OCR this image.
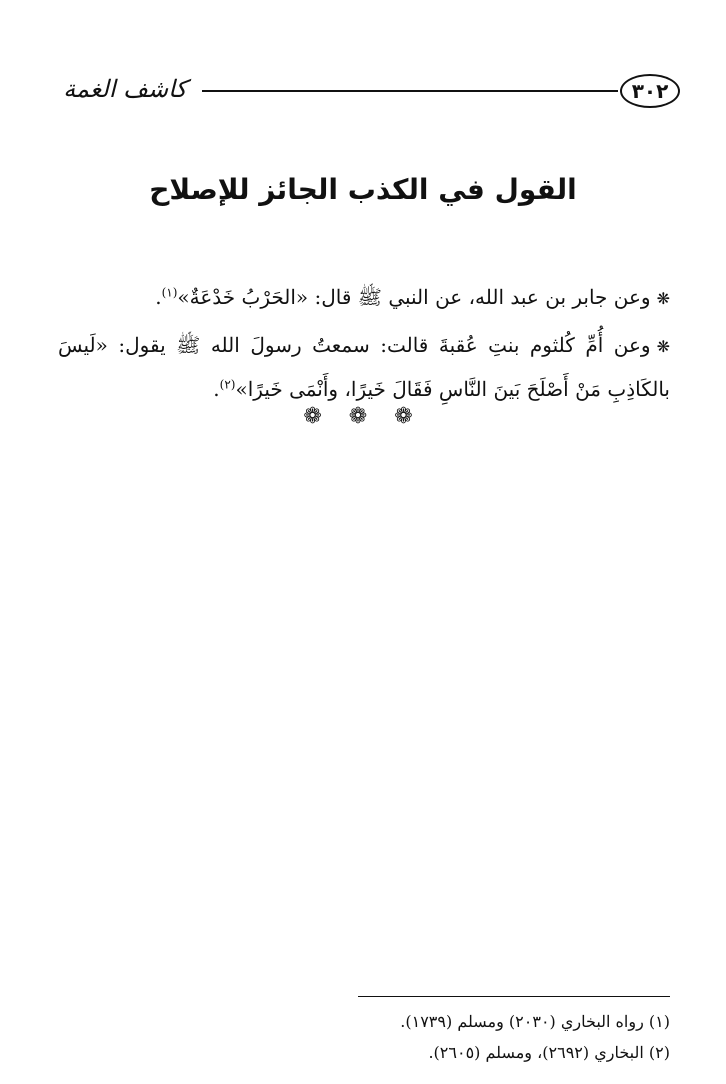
٣٠٢
كاشف الغمة
القول في الكذب الجائز للإصلاح

❋وعن جابر بن عبد الله، عن النبي ﷺ قال: «الحَرْبُ خَدْعَةٌ»$^{(١)}$.

❋وعن أُمِّ كُلثوم بنتِ عُقبةَ قالت: سمعتُ رسولَ الله ﷺ يقول: «لَيسَ بالكَاذِبِ مَنْ أَصْلَحَ بَينَ النَّاسِ فَقَالَ خَيرًا، وأَنْمَى خَيرًا»$^{(٢)}$.

❁ ❁ ❁
(١) رواه البخاري (٢٠٣٠) ومسلم (١٧٣٩).
(٢) البخاري (٢٦٩٢)، ومسلم (٢٦٠٥).
